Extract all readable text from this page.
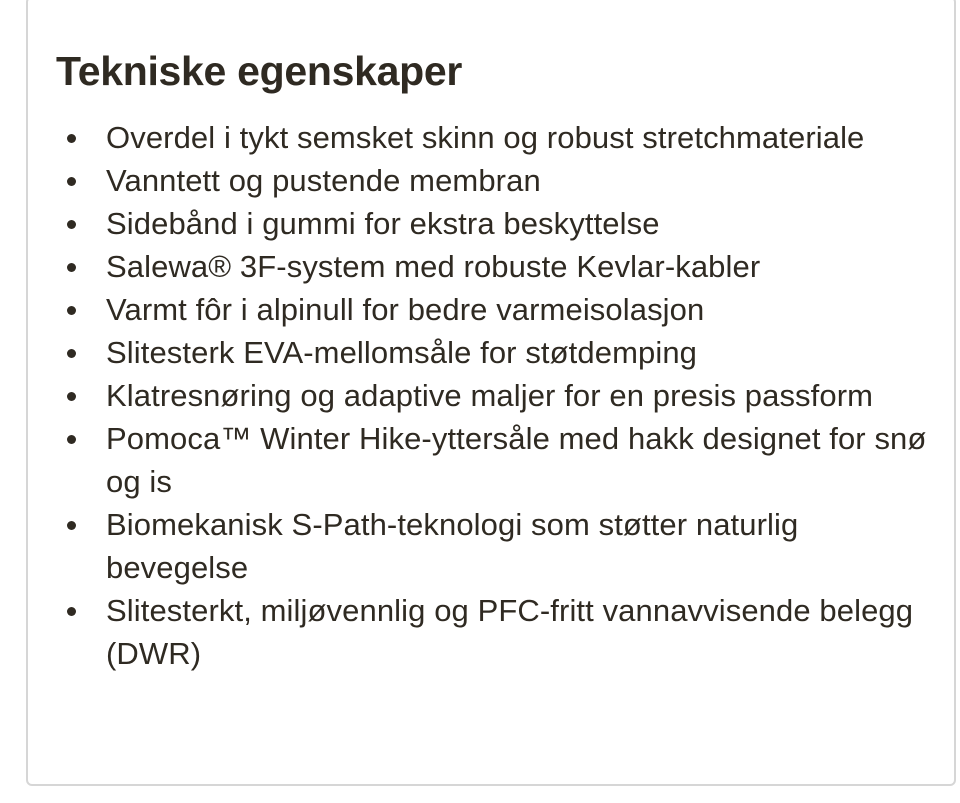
Tekniske egenskaper
Overdel i tykt semsket skinn og robust stretchmateriale
Vanntett og pustende membran
Sidebånd i gummi for ekstra beskyttelse
Salewa® 3F-system med robuste Kevlar-kabler
Varmt fôr i alpinull for bedre varmeisolasjon
Slitesterk EVA-mellomsåle for støtdemping
Klatresnøring og adaptive maljer for en presis passform
Pomoca™ Winter Hike-yttersåle med hakk designet for snø og is
Biomekanisk S-Path-teknologi som støtter naturlig bevegelse
Slitesterkt, miljøvennlig og PFC-fritt vannavvisende belegg (DWR)
